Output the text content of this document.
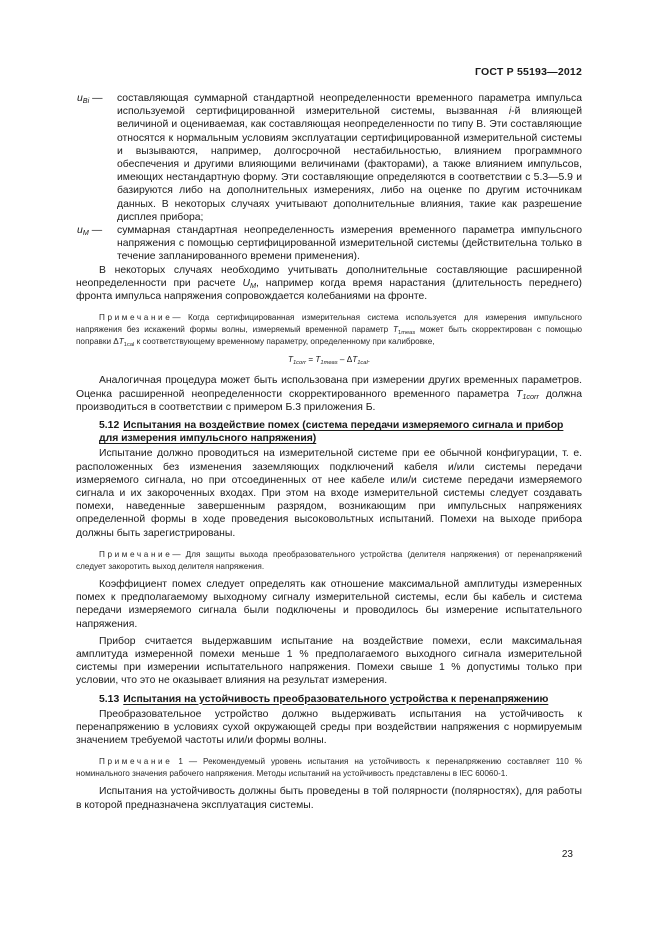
ГОСТ Р 55193—2012
$u_{Bi}$ — составляющая суммарной стандартной неопределенности временного параметра импульса используемой сертифицированной измерительной системы, вызванная i-й влияющей величиной и оцениваемая, как составляющая неопределенности по типу B. Эти составляющие относятся к нормальным условиям эксплуатации сертифицированной измерительной системы и вызываются, например, долгосрочной нестабильностью, влиянием программного обеспечения и другими влияющими величинами (факторами), а также влиянием импульсов, имеющих нестандартную форму. Эти составляющие определяются в соответствии с 5.3—5.9 и базируются либо на дополнительных измерениях, либо на оценке по другим источникам данных. В некоторых случаях учитывают дополнительные влияния, такие как разрешение дисплея прибора;
$u_M$ — суммарная стандартная неопределенность измерения временного параметра импульсного напряжения с помощью сертифицированной измерительной системы (действительна только в течение запланированного времени применения).

В некоторых случаях необходимо учитывать дополнительные составляющие расширенной неопределенности при расчете $U_M$, например когда время нарастания (длительность переднего) фронта импульса напряжения сопровождается колебаниями на фронте.

Примечание— Когда сертифицированная измерительная система используется для измерения импульсного напряжения без искажений формы волны, измеряемый временной параметр $T_{1meas}$ может быть скорректирован с помощью поправки $\Delta T_{1cal}$ к соответствующему временному параметру, определенному при калибровке,
$T_{1corr} = T_{1meas} - \Delta T_{1cal}$.

Аналогичная процедура может быть использована при измерении других временных параметров. Оценка расширенной неопределенности скорректированного временного параметра $T_{1corr}$ должна производиться в соответствии с примером Б.3 приложения Б.

5.12 Испытания на воздействие помех (система передачи измеряемого сигнала и прибор

для измерения импульсного напряжения)

Испытание должно проводиться на измерительной системе при ее обычной конфигурации, т. е. расположенных без изменения заземляющих подключений кабеля и/или системы передачи измеряемого сигнала, но при отсоединенных от нее кабеле или/и системе передачи измеряемого сигнала и их закороченных входах. При этом на входе измерительной системы следует создавать помехи, наведенные завершенным разрядом, возникающим при импульсных напряжениях определенной формы в ходе проведения высоковольтных испытаний. Помехи на выходе прибора должны быть зарегистрированы.

Примечание— Для защиты выхода преобразовательного устройства (делителя напряжения) от перенапряжений следует закоротить выход делителя напряжения.

Коэффициент помех следует определять как отношение максимальной амплитуды измеренных помех к предполагаемому выходному сигналу измерительной системы, если бы кабель и система передачи измеряемого сигнала были подключены и проводилось бы измерение испытательного напряжения.

Прибор считается выдержавшим испытание на воздействие помехи, если максимальная амплитуда измеренной помехи меньше 1 % предполагаемого выходного сигнала измерительной системы при измерении испытательного напряжения. Помехи свыше 1 % допустимы только при условии, что это не оказывает влияния на результат измерения.

5.13 Испытания на устойчивость преобразовательного устройства к перенапряжению

Преобразовательное устройство должно выдерживать испытания на устойчивость к перенапряжению в условиях сухой окружающей среды при воздействии напряжения с нормируемым значением требуемой частоты или/и формы волны.

Примечание 1 — Рекомендуемый уровень испытания на устойчивость к перенапряжению составляет 110 % номинального значения рабочего напряжения. Методы испытаний на устойчивость представлены в IEC 60060-1.

Испытания на устойчивость должны быть проведены в той полярности (полярностях), для работы в которой предназначена эксплуатация системы.

23
